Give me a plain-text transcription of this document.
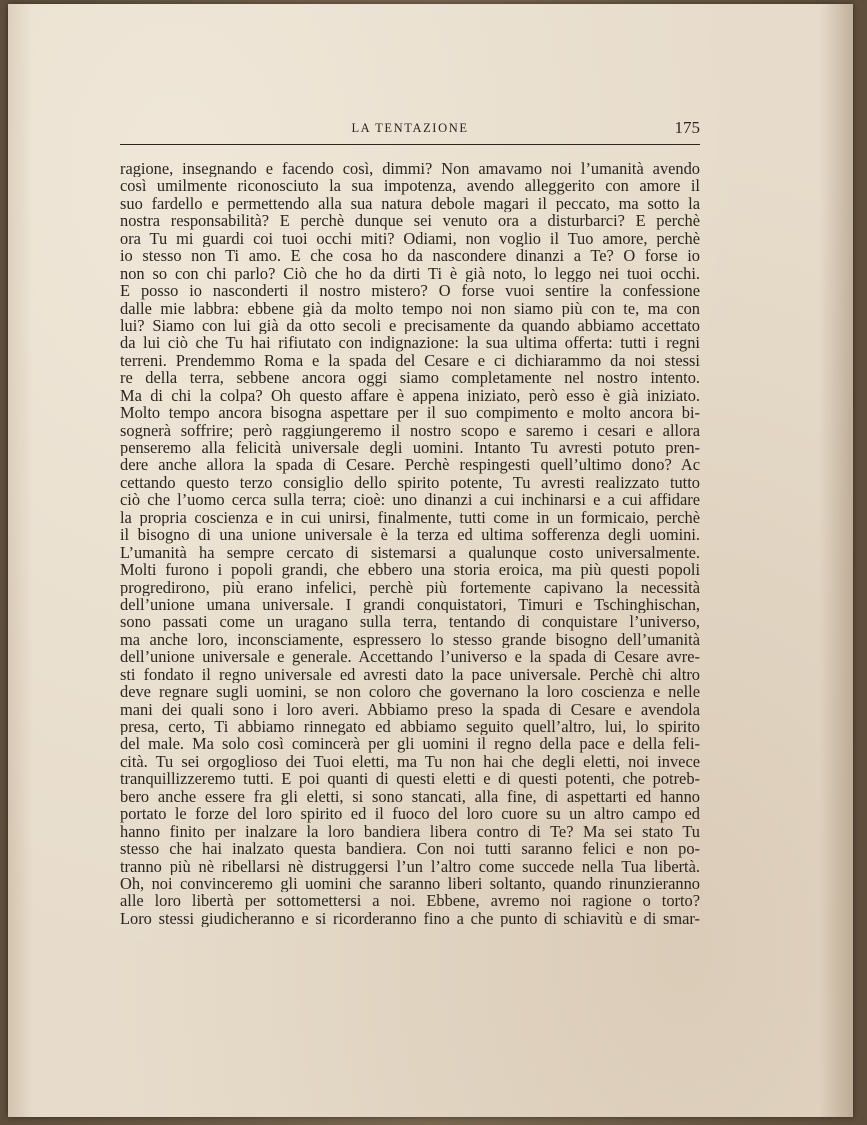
LA TENTAZIONE	175
ragione, insegnando e facendo così, dimmi? Non amavamo noi l’umanità avendo
così umilmente riconosciuto la sua impotenza, avendo alleggerito con amore il
suo fardello e permettendo alla sua natura debole magari il peccato, ma sotto la
nostra responsabilità? E perchè dunque sei venuto ora a disturbarci? E perchè
ora Tu mi guardi coi tuoi occhi miti? Odiami, non voglio il Tuo amore, perchè
io stesso non Ti amo. E che cosa ho da nascondere dinanzi a Te? O forse io
non so con chi parlo? Ciò che ho da dirti Ti è già noto, lo leggo nei tuoi occhi.
E posso io nasconderti il nostro mistero? O forse vuoi sentire la confessione
dalle mie labbra: ebbene già da molto tempo noi non siamo più con te, ma con
lui? Siamo con lui già da otto secoli e precisamente da quando abbiamo accettato
da lui ciò che Tu hai rifiutato con indignazione: la sua ultima offerta: tutti i regni
terreni. Prendemmo Roma e la spada del Cesare e ci dichiarammo da noi stessi
re della terra, sebbene ancora oggi siamo completamente nel nostro intento.
Ma di chi la colpa? Oh questo affare è appena iniziato, però esso è già iniziato.
Molto tempo ancora bisogna aspettare per il suo compimento e molto ancora bi-
sognerà soffrire; però raggiungeremo il nostro scopo e saremo i cesari e allora
penseremo alla felicità universale degli uomini. Intanto Tu avresti potuto pren-
dere anche allora la spada di Cesare. Perchè respingesti quell’ultimo dono? Ac
cettando questo terzo consiglio dello spirito potente, Tu avresti realizzato tutto
ciò che l’uomo cerca sulla terra; cioè: uno dinanzi a cui inchinarsi e a cui affidare
la propria coscienza e in cui unirsi, finalmente, tutti come in un formicaio, perchè
il bisogno di una unione universale è la terza ed ultima sofferenza degli uomini.
L’umanità ha sempre cercato di sistemarsi a qualunque costo universalmente.
Molti furono i popoli grandi, che ebbero una storia eroica, ma più questi popoli
progredirono, più erano infelici, perchè più fortemente capivano la necessità
dell’unione umana universale. I grandi conquistatori, Timuri e Tschinghischan,
sono passati come un uragano sulla terra, tentando di conquistare l’universo,
ma anche loro, inconsciamente, espressero lo stesso grande bisogno dell’umanità
dell’unione universale e generale. Accettando l’universo e la spada di Cesare avre-
sti fondato il regno universale ed avresti dato la pace universale. Perchè chi altro
deve regnare sugli uomini, se non coloro che governano la loro coscienza e nelle
mani dei quali sono i loro averi. Abbiamo preso la spada di Cesare e avendola
presa, certo, Ti abbiamo rinnegato ed abbiamo seguito quell’altro, lui, lo spirito
del male. Ma solo così comincerà per gli uomini il regno della pace e della feli-
cità. Tu sei orgoglioso dei Tuoi eletti, ma Tu non hai che degli eletti, noi invece
tranquillizzeremo tutti. E poi quanti di questi eletti e di questi potenti, che potreb-
bero anche essere fra gli eletti, si sono stancati, alla fine, di aspettarti ed hanno
portato le forze del loro spirito ed il fuoco del loro cuore su un altro campo ed
hanno finito per inalzare la loro bandiera libera contro di Te? Ma sei stato Tu
stesso che hai inalzato questa bandiera. Con noi tutti saranno felici e non po-
tranno più nè ribellarsi nè distruggersi l’un l’altro come succede nella Tua libertà.
Oh, noi convinceremo gli uomini che saranno liberi soltanto, quando rinunzieranno
alle loro libertà per sottomettersi a noi. Ebbene, avremo noi ragione o torto?
Loro stessi giudicheranno e si ricorderanno fino a che punto di schiavitù e di smar-
